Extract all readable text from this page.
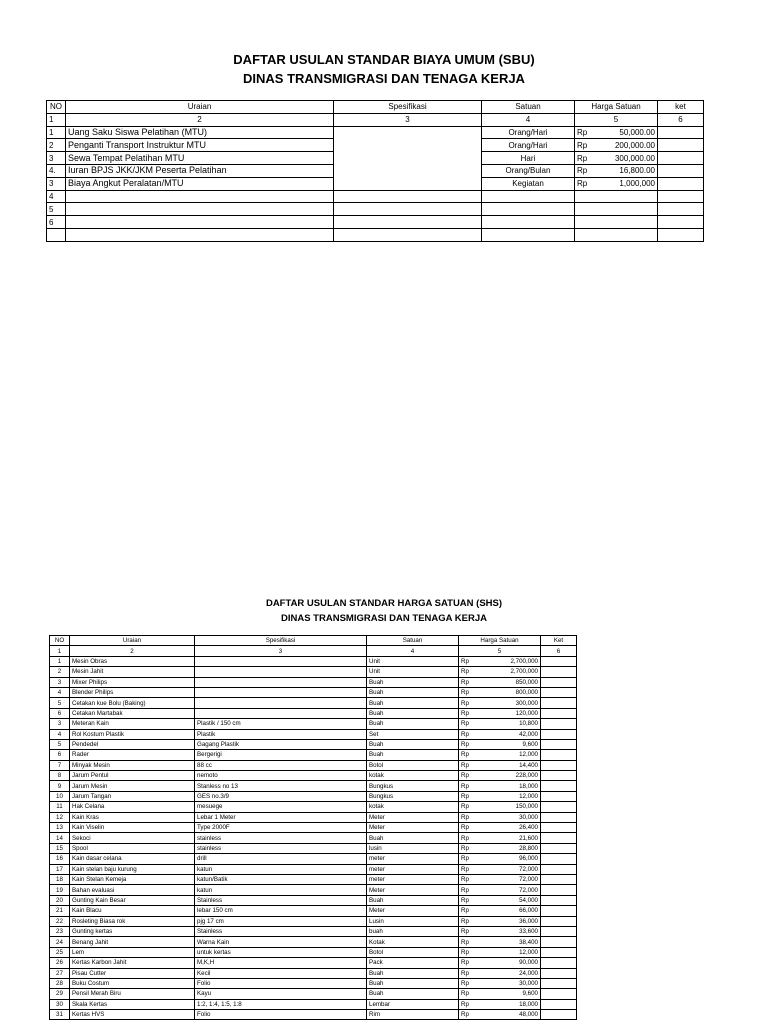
DAFTAR USULAN STANDAR BIAYA UMUM (SBU)
DINAS TRANSMIGRASI DAN TENAGA KERJA
NO	Uraian	Spesifikasi	Satuan	Harga Satuan		ket
1	2	3	4	5		6
1	Uang Saku Siswa Pelatihan (MTU)		Orang/Hari	Rp	50,000.00	
2	Penganti Transport Instruktur MTU		Orang/Hari	Rp	200,000.00	
3	Sewa Tempat Pelatihan MTU		Hari	Rp	300,000.00	
4.	Iuran BPJS JKK/JKM Peserta Pelatihan		Orang/Bulan	Rp	16,800.00	
3	Biaya Angkut Peralatan/MTU		Kegiatan	Rp	1,000,000	
4						
5						
6						

DAFTAR USULAN STANDAR HARGA SATUAN (SHS)
DINAS TRANSMIGRASI DAN TENAGA KERJA
NO	Uraian	Spesifikasi	Satuan	Harga Satuan		Ket
1	2	3	4	5		6
1	Mesin Obras		Unit	Rp	2,700,000	
2	Mesin Jahit		Unit	Rp	2,700,000	
3	Mixer Philips		Buah	Rp	850,000	
4	Blender Philips		Buah	Rp	800,000	
5	Cetakan kue Bolu (Baking)		Buah	Rp	300,000	
6	Cetakan Martabak		Buah	Rp	120,000	
3	Meteran Kain	Plastik / 150 cm	Buah	Rp	10,800	
4	Rol Kostum Plastik	Plastik	Set	Rp	42,000	
5	Pendedel	Gagang Plastik	Buah	Rp	9,600	
6	Rader	Bergerigi	Buah	Rp	12,000	
7	Minyak Mesin	88 cc	Botol	Rp	14,400	
8	Jarum Pentul	nemoto	kotak	Rp	228,000	
9	Jarum Mesin	Stanless no 13	Bungkus	Rp	18,000	
10	Jarum Tangan	GES no.3/9	Bungkus	Rp	12,000	
11	Hak Celana	mesuege	kotak	Rp	150,000	
12	Kain Kras	Lebar 1 Meter	Meter	Rp	30,000	
13	Kain Viselin	Type 2000F	Meter	Rp	26,400	
14	Sekoci	stainless	Buah	Rp	21,600	
15	Spool	stainless	lusin	Rp	28,800	
16	Kain dasar celana	drill	meter	Rp	96,000	
17	Kain stelan baju kurung	katun	meter	Rp	72,000	
18	Kain Stelan Kemeja	katun/Batik	meter	Rp	72,000	
19	Bahan evaluasi	katun	Meter	Rp	72,000	
20	Gunting Kain Besar	Stainless	Buah	Rp	54,000	
21	Kain Blacu	lebar 150 cm	Meter	Rp	66,000	
22	Rosleting Biasa rok	pjg 17 cm	Lusin	Rp	36,000	
23	Gunting kertas	Stainless	buah	Rp	33,600	
24	Benang Jahit	Warna Kain	Kotak	Rp	38,400	
25	Lem	untuk kertas	Botol	Rp	12,000	
26	Kertas Karbon Jahit	M,K,H	Pack	Rp	90,000	
27	Pisau Cutter	Kecil	Buah	Rp	24,000	
28	Buku Costum	Folio	Buah	Rp	30,000	
29	Pensil Merah Biru	Kayu	Buah	Rp	9,600	
30	Skala Kertas	1:2, 1:4, 1:5, 1:8	Lembar	Rp	18,000	
31	Kertas HVS	Folio	Rim	Rp	48,000	
